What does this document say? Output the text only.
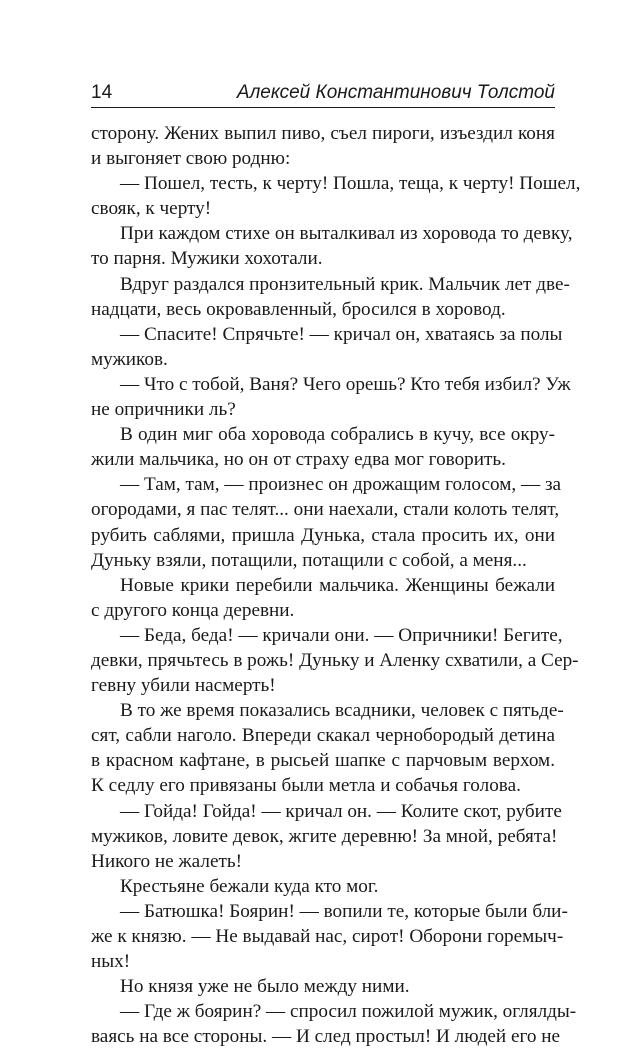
14	Алексей Константинович Толстой
сторону. Жених выпил пиво, съел пироги, изъездил коня
и выгоняет свою родню:
— Пошел, тесть, к черту! Пошла, теща, к черту! Пошел,
свояк, к черту!
При каждом стихе он выталкивал из хоровода то девку,
то парня. Мужики хохотали.
Вдруг раздался пронзительный крик. Мальчик лет две-
надцати, весь окровавленный, бросился в хоровод.
— Спасите! Спрячьте! — кричал он, хватаясь за полы
мужиков.
— Что с тобой, Ваня? Чего орешь? Кто тебя избил? Уж
не опричники ль?
В один миг оба хоровода собрались в кучу, все окру-
жили мальчика, но он от страху едва мог говорить.
— Там, там, — произнес он дрожащим голосом, — за
огородами, я пас телят... они наехали, стали колоть телят,
рубить саблями, пришла Дунька, стала просить их, они
Дуньку взяли, потащили, потащили с собой, а меня...
Новые крики перебили мальчика. Женщины бежали
с другого конца деревни.
— Беда, беда! — кричали они. — Опричники! Бегите,
девки, прячьтесь в рожь! Дуньку и Аленку схватили, а Сер-
гевну убили насмерть!
В то же время показались всадники, человек с пятьде-
сят, сабли наголо. Впереди скакал чернобородый детина
в красном кафтане, в рысьей шапке с парчовым верхом.
К седлу его привязаны были метла и собачья голова.
— Гойда! Гойда! — кричал он. — Колите скот, рубите
мужиков, ловите девок, жгите деревню! За мной, ребята!
Никого не жалеть!
Крестьяне бежали куда кто мог.
— Батюшка! Боярин! — вопили те, которые были бли-
же к князю. — Не выдавай нас, сирот! Оборони горемыч-
ных!
Но князя уже не было между ними.
— Где ж боярин? — спросил пожилой мужик, оглялды-
ваясь на все стороны. — И след простыл! И людей его не
